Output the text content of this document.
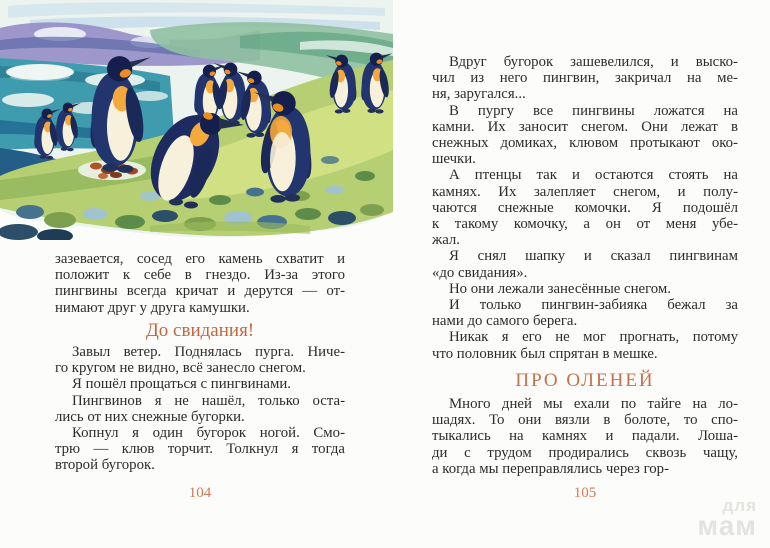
зазевается, сосед его камень схватит и
положит к себе в гнездо. Из-за этого
пингвины всегда кричат и дерутся — от-
нимают друг у друга камушки.

До свидания!

Завыл ветер. Поднялась пурга. Ниче-
го кругом не видно, всё занесло снегом.

Я пошёл прощаться с пингвинами.

Пингвинов я не нашёл, только оста-
лись от них снежные бугорки.

Копнул я один бугорок ногой. Смо-
трю — клюв торчит. Толкнул я тогда
второй бугорок.

104

Вдруг бугорок зашевелился, и выско-
чил из него пингвин, закричал на ме-
ня, заругался...

В пургу все пингвины ложатся на
камни. Их заносит снегом. Они лежат в
снежных домиках, клювом протыкают око-
шечки.

А птенцы так и остаются стоять на
камнях. Их залепляет снегом, и полу-
чаются снежные комочки. Я подошёл
к такому комочку, а он от меня убе-
жал.

Я снял шапку и сказал пингвинам
«до свидания».

Но они лежали занесённые снегом.

И только пингвин-забияка бежал за
нами до самого берега.

Никак я его не мог прогнать, потому
что половник был спрятан в мешке.

ПРО ОЛЕНЕЙ

Много дней мы ехали по тайге на ло-
шадях. То они вязли в болоте, то спо-
тыкались на камнях и падали. Лоша-
ди с трудом продирались сквозь чащу,
а когда мы переправлялись через гор-

105
для
мам
